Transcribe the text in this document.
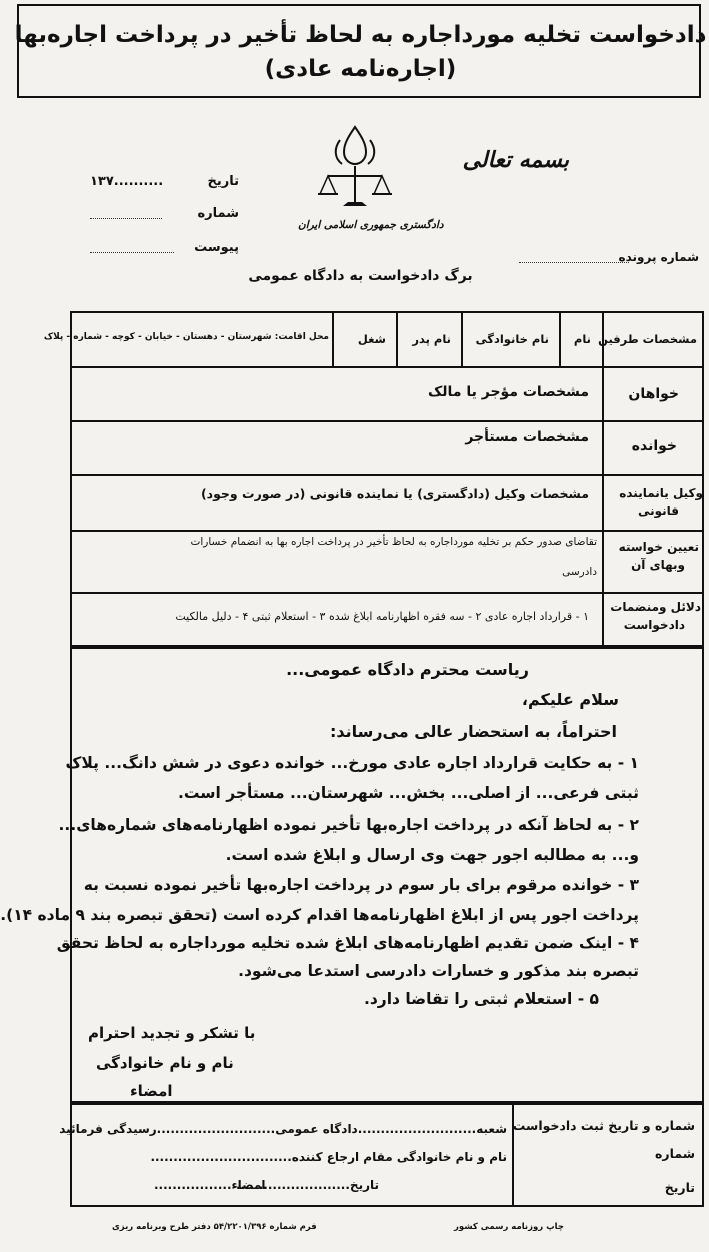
دادخواست تخلیه مورداجاره به لحاظ تأخیر در پرداخت اجاره‌بها
(اجاره‌نامه عادی)
بسمه تعالی
دادگستری جمهوری اسلامی ایران
تاریخ
۱۳۷..........
شماره
پیوست
شماره پرونده
برگ دادخواست به دادگاه عمومی
مشخصات طرفین
نام
نام خانوادگی
نام پدر
شغل
محل اقامت: شهرستان - دهستان - خیابان - کوچه - شماره - پلاک
خواهان
مشخصات مؤجر یا مالک
خوانده
مشخصات مستأجر
وکیل یانماینده
قانونی
مشخصات وکیل (دادگستری) یا نماینده قانونی (در صورت وجود)
تعیین خواسته
وبهای آن
تقاضای صدور حکم بر تخلیه مورداجاره به لحاظ تأخیر در پرداخت اجاره بها به انضمام خسارات
دادرسی
دلائل ومنضمات
دادخواست
۱ - قرارداد اجاره عادی ۲ - سه فقره اظهارنامه ابلاغ شده ۳ - استعلام ثبتی ۴ - دلیل مالکیت
ریاست محترم دادگاه عمومی...
سلام علیکم،
احتراماً، به استحضار عالی می‌رساند:
۱ - به حکایت قرارداد اجاره عادی مورخ... خوانده دعوی در شش دانگ... پلاک
ثبتی فرعی... از اصلی... بخش... شهرستان... مستأجر است.
۲ - به لحاظ آنکه در پرداخت اجاره‌بها تأخیر نموده اظهارنامه‌های شماره‌های...
و... به مطالبه اجور جهت وی ارسال و ابلاغ شده است.
۳ - خوانده مرقوم برای بار سوم در پرداخت اجاره‌بها تأخیر نموده نسبت به
پرداخت اجور پس از ابلاغ اظهارنامه‌ها اقدام کرده است (تحقق تبصره بند ۹ ماده ۱۴).
۴ - اینک ضمن تقدیم اظهارنامه‌های ابلاغ شده تخلیه مورداجاره به لحاظ تحقق
تبصره بند مذکور و خسارات دادرسی استدعا می‌شود.
۵ - استعلام ثبتی را تقاضا دارد.
با تشکر و تجدید احترام
نام و نام خانوادگی
امضاء
شماره و تاریخ ثبت دادخواست
شماره
تاریخ
شعبه..........................دادگاه عمومی..........................رسیدگی فرمائید
نام و نام خانوادگی مقام ارجاع کننده...............................
تاریخ.........................
امضاء.................
چاپ روزنامه رسمی کشور
فرم شماره ۵۴/۲۲۰۱/۳۹۶ دفتر طرح وبرنامه ریزی
